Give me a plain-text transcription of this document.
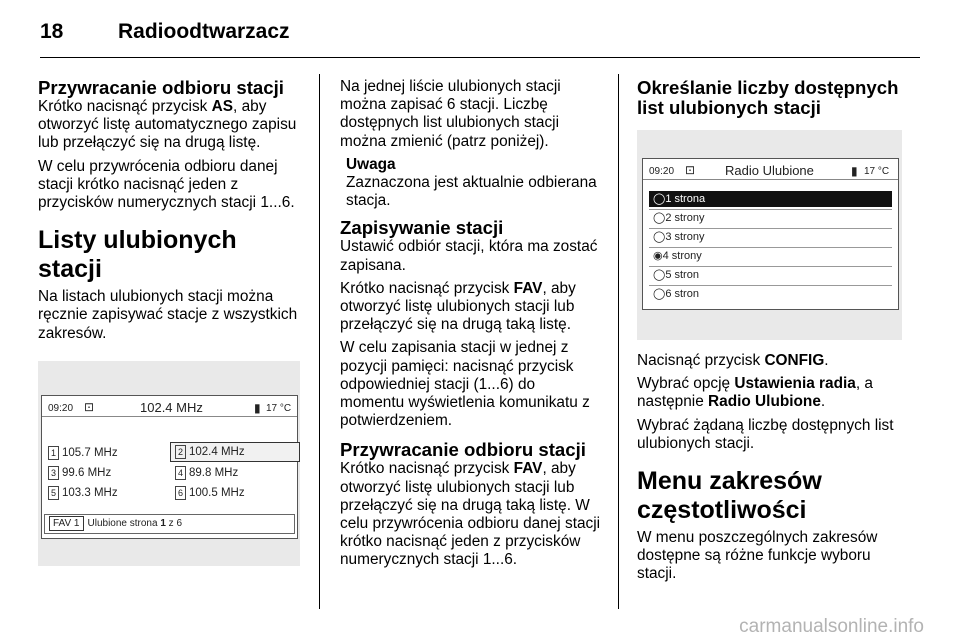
18	Radioodtwarzacz
Przywracanie odbioru stacji

Krótko nacisnąć przycisk AS, aby otworzyć listę automatycznego zapisu lub przełączyć się na drugą listę.

W celu przywrócenia odbioru danej stacji krótko nacisnąć jeden z przycisków numerycznych stacji 1...6.

Listy ulubionych stacji

Na listach ulubionych stacji można ręcznie zapisywać stacje z wszystkich zakresów.

09:20 ⊡	102.4 MHz	▮ 17 °C
1 105.7 MHz	2 102.4 MHz
3 99.6 MHz	4 89.8 MHz
5 103.3 MHz	6 100.5 MHz
FAV 1 Ulubione strona 1 z 6

Na jednej liście ulubionych stacji można zapisać 6 stacji. Liczbę dostępnych list ulubionych stacji można zmienić (patrz poniżej).

Uwaga

Zaznaczona jest aktualnie odbierana stacja.

Zapisywanie stacji

Ustawić odbiór stacji, która ma zostać zapisana.

Krótko nacisnąć przycisk FAV, aby otworzyć listę ulubionych stacji lub przełączyć się na drugą taką listę.

W celu zapisania stacji w jednej z pozycji pamięci: nacisnąć przycisk odpowiedniej stacji (1...6) do momentu wyświetlenia komunikatu z potwierdzeniem.

Przywracanie odbioru stacji

Krótko nacisnąć przycisk FAV, aby otworzyć listę ulubionych stacji lub przełączyć się na drugą taką listę. W celu przywrócenia odbioru danej stacji krótko nacisnąć jeden z przycisków numerycznych stacji 1...6.

Określanie liczby dostępnych list ulubionych stacji
09:20 ⊡ Radio Ulubione	▮ 17 °C
◯1 strona
◯2 strony
◯3 strony
◉4 strony
◯5 stron
◯6 stron

Nacisnąć przycisk CONFIG.

Wybrać opcję Ustawienia radia, a następnie Radio Ulubione.

Wybrać żądaną liczbę dostępnych list ulubionych stacji.

Menu zakresów częstotliwości

W menu poszczególnych zakresów dostępne są różne funkcje wyboru stacji.

carmanualsonline.info
